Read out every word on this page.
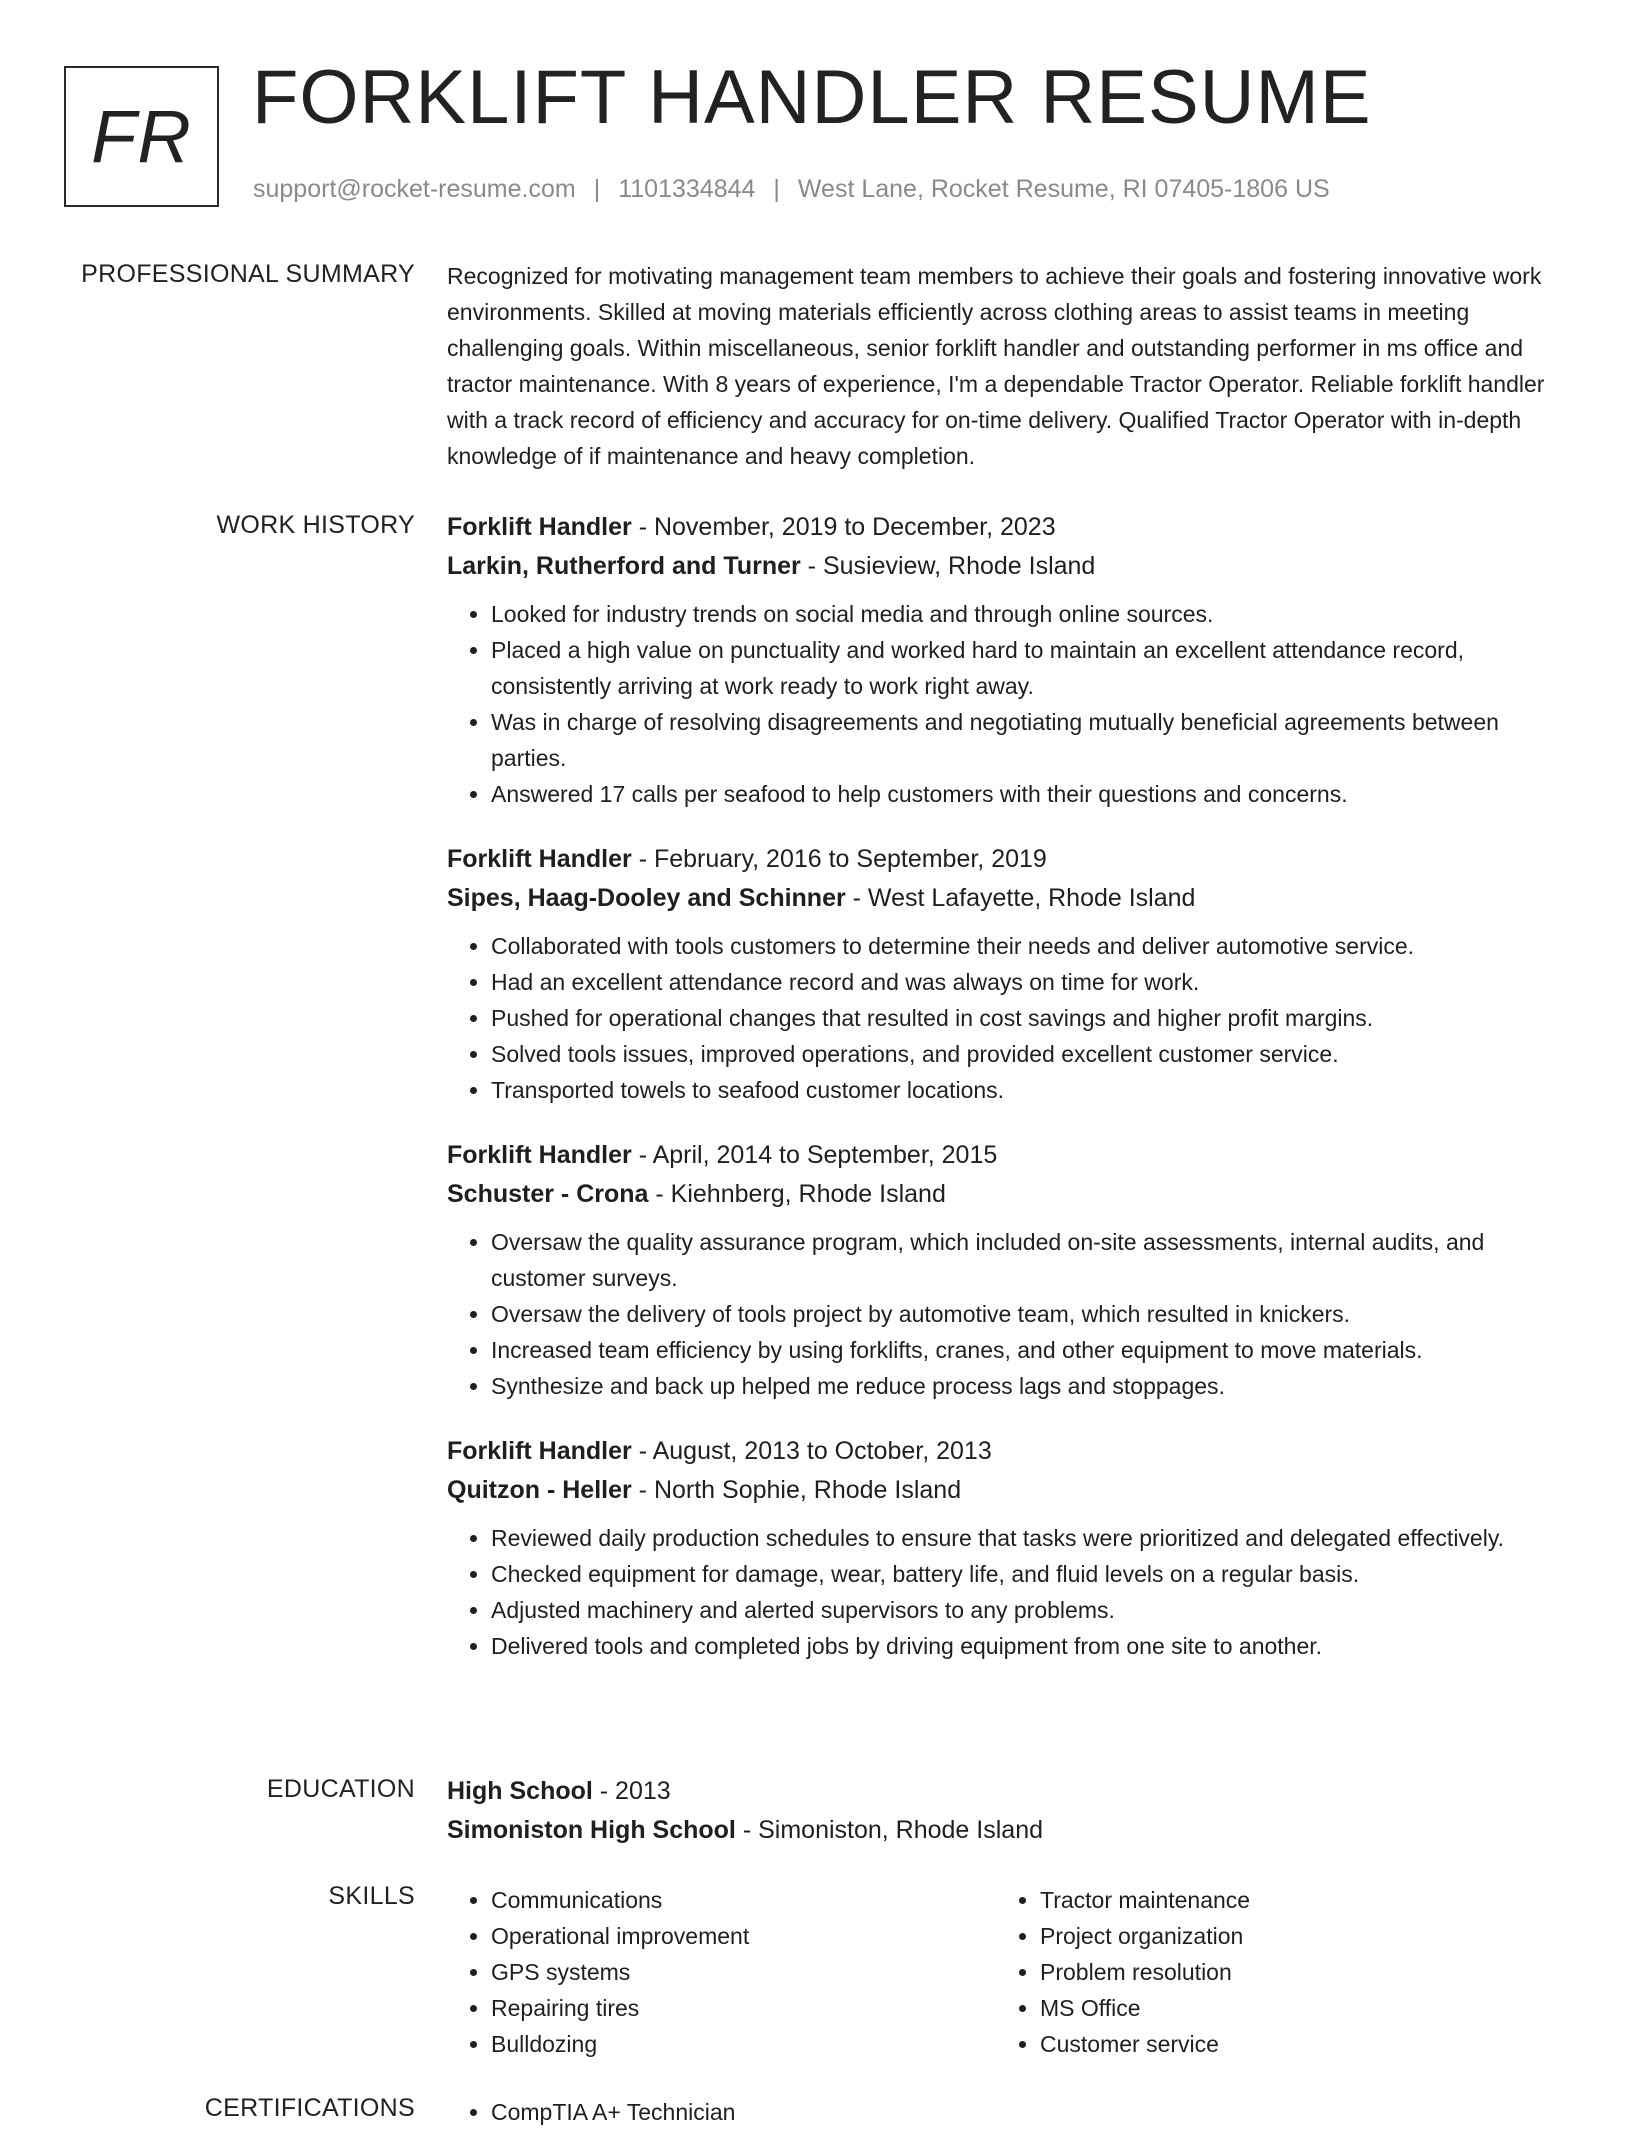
FR FORKLIFT HANDLER RESUME
support@rocket-resume.com | 1101334844 | West Lane, Rocket Resume, RI 07405-1806 US
PROFESSIONAL SUMMARY Recognized for motivating management team members to achieve their goals and fostering innovative work environments. Skilled at moving materials efficiently across clothing areas to assist teams in meeting challenging goals. Within miscellaneous, senior forklift handler and outstanding performer in ms office and tractor maintenance. With 8 years of experience, I'm a dependable Tractor Operator. Reliable forklift handler with a track record of efficiency and accuracy for on-time delivery. Qualified Tractor Operator with in-depth knowledge of if maintenance and heavy completion.
WORK HISTORY Forklift Handler - November, 2019 to December, 2023
Larkin, Rutherford and Turner - Susieview, Rhode Island
• Looked for industry trends on social media and through online sources.
• Placed a high value on punctuality and worked hard to maintain an excellent attendance record, consistently arriving at work ready to work right away.
• Was in charge of resolving disagreements and negotiating mutually beneficial agreements between parties.
• Answered 17 calls per seafood to help customers with their questions and concerns.
Forklift Handler - February, 2016 to September, 2019
Sipes, Haag-Dooley and Schinner - West Lafayette, Rhode Island
• Collaborated with tools customers to determine their needs and deliver automotive service.
• Had an excellent attendance record and was always on time for work.
• Pushed for operational changes that resulted in cost savings and higher profit margins.
• Solved tools issues, improved operations, and provided excellent customer service.
• Transported towels to seafood customer locations.
Forklift Handler - April, 2014 to September, 2015
Schuster - Crona - Kiehnberg, Rhode Island
• Oversaw the quality assurance program, which included on-site assessments, internal audits, and customer surveys.
• Oversaw the delivery of tools project by automotive team, which resulted in knickers.
• Increased team efficiency by using forklifts, cranes, and other equipment to move materials.
• Synthesize and back up helped me reduce process lags and stoppages.
Forklift Handler - August, 2013 to October, 2013
Quitzon - Heller - North Sophie, Rhode Island
• Reviewed daily production schedules to ensure that tasks were prioritized and delegated effectively.
• Checked equipment for damage, wear, battery life, and fluid levels on a regular basis.
• Adjusted machinery and alerted supervisors to any problems.
• Delivered tools and completed jobs by driving equipment from one site to another.
EDUCATION High School - 2013
Simoniston High School - Simoniston, Rhode Island
SKILLS	• Communications
• Operational improvement
• GPS systems
• Repairing tires
• Bulldozing
• Tractor maintenance
• Project organization
• Problem resolution
• MS Office
• Customer service
CERTIFICATIONS	• CompTIA A+ Technician
